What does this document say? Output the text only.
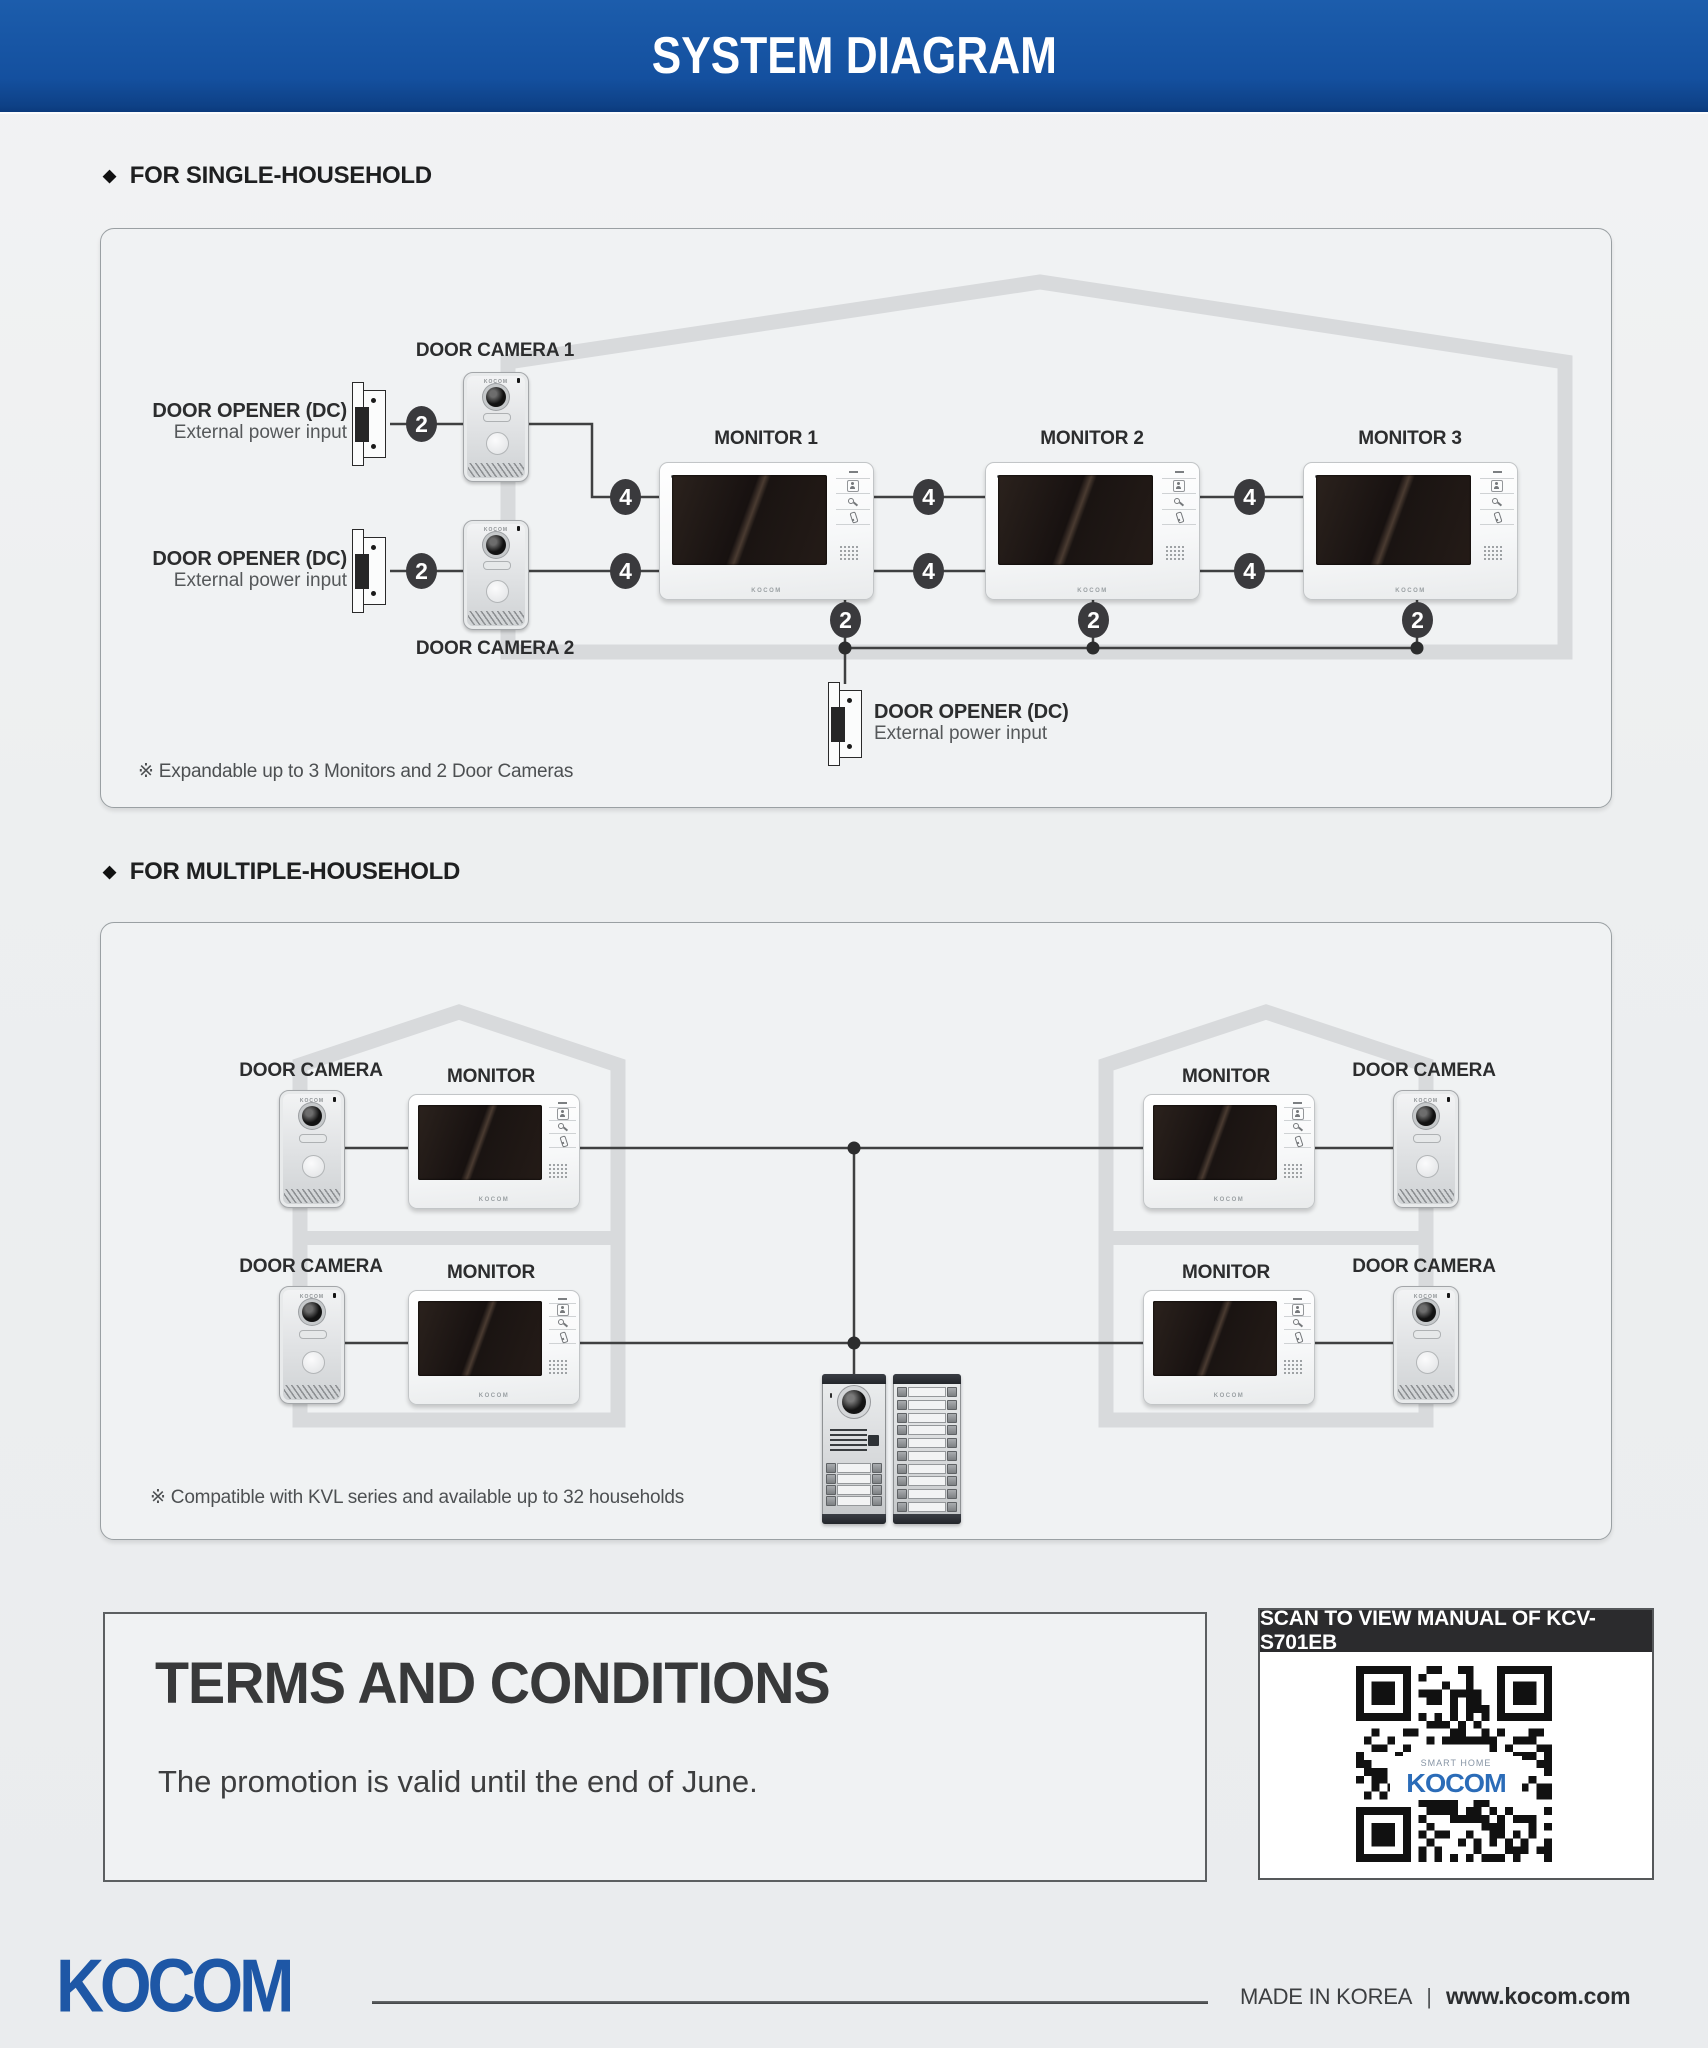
SYSTEM DIAGRAM
◆ FOR SINGLE-HOUSEHOLD
DOOR CAMERA 1
DOOR CAMERA 2
MONITOR 1	MONITOR 2	MONITOR 3
DOOR OPENER (DC)
External power input
DOOR OPENER (DC)
External power input
DOOR OPENER (DC)
External power input
KOCOM
KOCOM
KOCOM	KOCOM	KOCOM
2
2
4
4
4
4
4
4
2	2	2
※ Expandable up to 3 Monitors and 2 Door Cameras
◆ FOR MULTIPLE-HOUSEHOLD
DOOR CAMERA	MONITOR
DOOR CAMERA	MONITOR
MONITOR	DOOR CAMERA
MONITOR	DOOR CAMERA
KOCOM
KOCOM
KOCOM
KOCOM
KOCOM
KOCOM
KOCOM
KOCOM
※ Compatible with KVL series and available up to 32 households
TERMS AND CONDITIONS

The promotion is valid until the end of June.

SCAN TO VIEW MANUAL OF KCV-S701EB
SMART HOME
KOCOM
KOCOM	MADE IN KOREA | www.kocom.com
